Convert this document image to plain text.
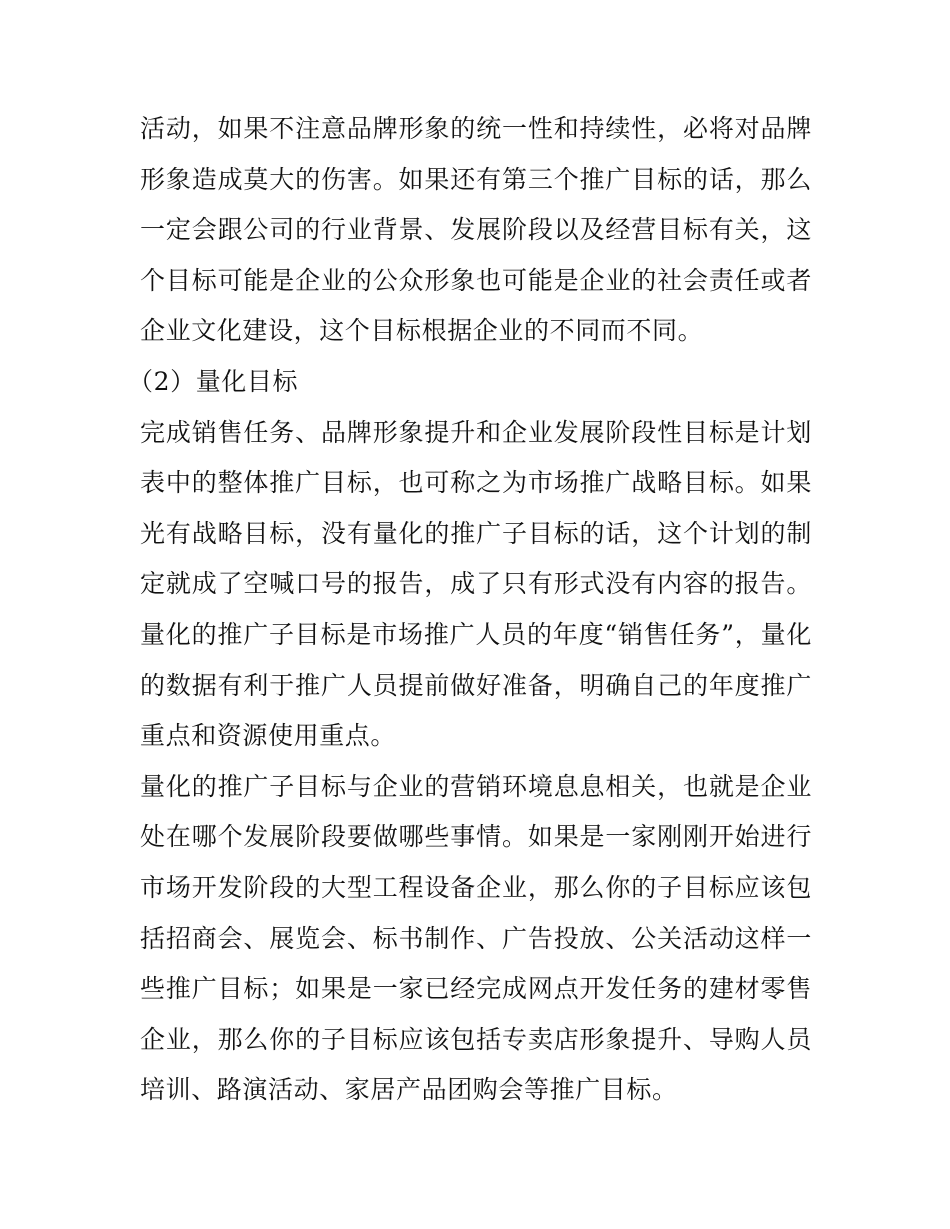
活动，如果不注意品牌形象的统一性和持续性，必将对品牌形象造成莫大的伤害。如果还有第三个推广目标的话，那么一定会跟公司的行业背景、发展阶段以及经营目标有关，这个目标可能是企业的公众形象也可能是企业的社会责任或者企业文化建设，这个目标根据企业的不同而不同。

（2）量化目标

完成销售任务、品牌形象提升和企业发展阶段性目标是计划表中的整体推广目标，也可称之为市场推广战略目标。如果光有战略目标，没有量化的推广子目标的话，这个计划的制定就成了空喊口号的报告，成了只有形式没有内容的报告。量化的推广子目标是市场推广人员的年度“销售任务”，量化的数据有利于推广人员提前做好准备，明确自己的年度推广重点和资源使用重点。

量化的推广子目标与企业的营销环境息息相关，也就是企业处在哪个发展阶段要做哪些事情。如果是一家刚刚开始进行市场开发阶段的大型工程设备企业，那么你的子目标应该包括招商会、展览会、标书制作、广告投放、公关活动这样一些推广目标；如果是一家已经完成网点开发任务的建材零售企业，那么你的子目标应该包括专卖店形象提升、导购人员培训、路演活动、家居产品团购会等推广目标。
